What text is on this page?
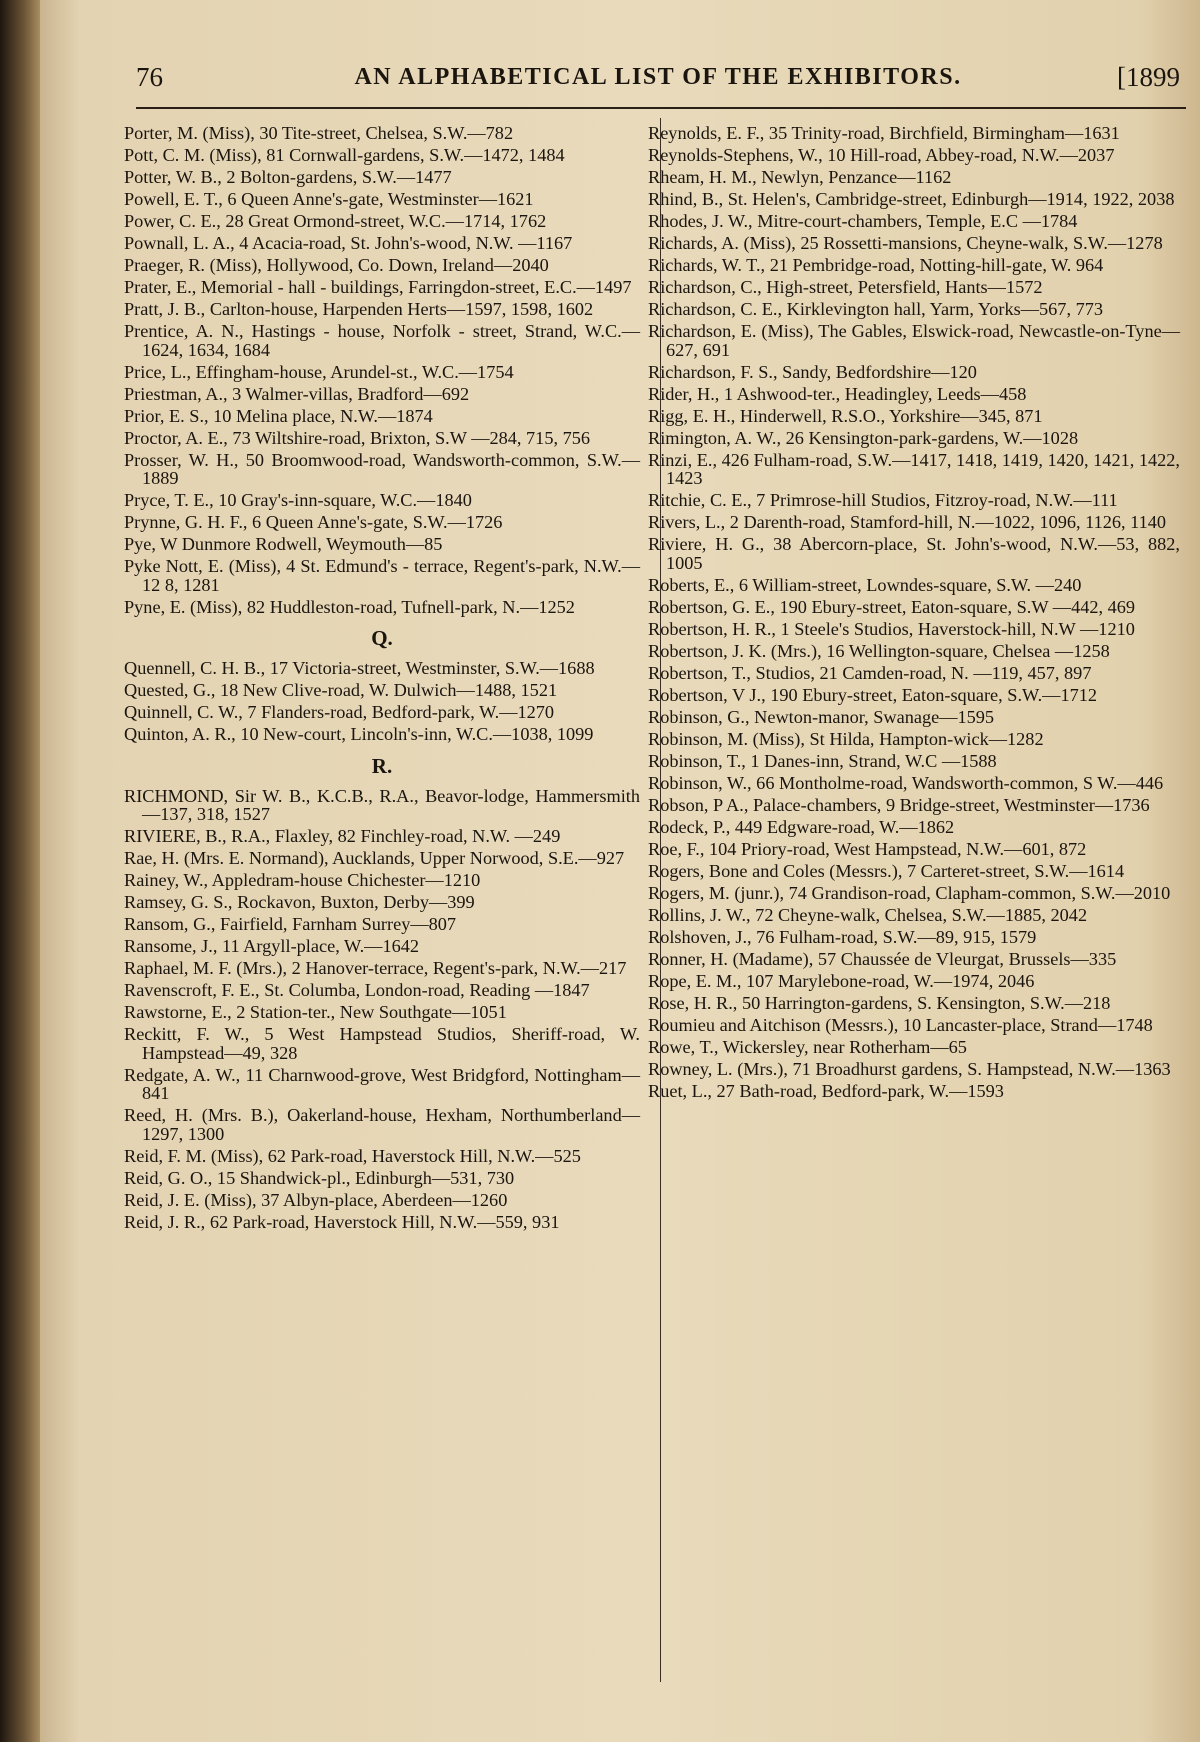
76	AN ALPHABETICAL LIST OF THE EXHIBITORS.	[1899
Porter, M. (Miss), 30 Tite-street, Chelsea, S.W.—782
Pott, C. M. (Miss), 81 Cornwall-gardens, S.W.—1472, 1484
Potter, W. B., 2 Bolton-gardens, S.W.—1477
Powell, E. T., 6 Queen Anne's-gate, Westminster—1621
Power, C. E., 28 Great Ormond-street, W.C.—1714, 1762
Pownall, L. A., 4 Acacia-road, St. John's-wood, N.W. —1167
Praeger, R. (Miss), Hollywood, Co. Down, Ireland—2040
Prater, E., Memorial - hall - buildings, Farringdon-street, E.C.—1497
Pratt, J. B., Carlton-house, Harpenden Herts—1597, 1598, 1602
Prentice, A. N., Hastings - house, Norfolk - street, Strand, W.C.—1624, 1634, 1684
Price, L., Effingham-house, Arundel-st., W.C.—1754
Priestman, A., 3 Walmer-villas, Bradford—692
Prior, E. S., 10 Melina place, N.W.—1874
Proctor, A. E., 73 Wiltshire-road, Brixton, S.W —284, 715, 756
Prosser, W. H., 50 Broomwood-road, Wandsworth-common, S.W.—1889
Pryce, T. E., 10 Gray's-inn-square, W.C.—1840
Prynne, G. H. F., 6 Queen Anne's-gate, S.W.—1726
Pye, W Dunmore Rodwell, Weymouth—85
Pyke Nott, E. (Miss), 4 St. Edmund's - terrace, Regent's-park, N.W.—12 8, 1281
Pyne, E. (Miss), 82 Huddleston-road, Tufnell-park, N.—1252
Q.
Quennell, C. H. B., 17 Victoria-street, Westminster, S.W.—1688
Quested, G., 18 New Clive-road, W. Dulwich—1488, 1521
Quinnell, C. W., 7 Flanders-road, Bedford-park, W.—1270
Quinton, A. R., 10 New-court, Lincoln's-inn, W.C.—1038, 1099
R.
RICHMOND, Sir W. B., K.C.B., R.A., Beavor-lodge, Hammersmith—137, 318, 1527
RIVIERE, B., R.A., Flaxley, 82 Finchley-road, N.W. —249
Rae, H. (Mrs. E. Normand), Aucklands, Upper Norwood, S.E.—927
Rainey, W., Appledram-house Chichester—1210
Ramsey, G. S., Rockavon, Buxton, Derby—399
Ransom, G., Fairfield, Farnham Surrey—807
Ransome, J., 11 Argyll-place, W.—1642
Raphael, M. F. (Mrs.), 2 Hanover-terrace, Regent's-park, N.W.—217
Ravenscroft, F. E., St. Columba, London-road, Reading —1847
Rawstorne, E., 2 Station-ter., New Southgate—1051
Reckitt, F. W., 5 West Hampstead Studios, Sheriff-road, W. Hampstead—49, 328
Redgate, A. W., 11 Charnwood-grove, West Bridgford, Nottingham—841
Reed, H. (Mrs. B.), Oakerland-house, Hexham, Northumberland—1297, 1300
Reid, F. M. (Miss), 62 Park-road, Haverstock Hill, N.W.—525
Reid, G. O., 15 Shandwick-pl., Edinburgh—531, 730
Reid, J. E. (Miss), 37 Albyn-place, Aberdeen—1260
Reid, J. R., 62 Park-road, Haverstock Hill, N.W.—559, 931
Reynolds, E. F., 35 Trinity-road, Birchfield, Birmingham—1631
Reynolds-Stephens, W., 10 Hill-road, Abbey-road, N.W.—2037
Rheam, H. M., Newlyn, Penzance—1162
Rhind, B., St. Helen's, Cambridge-street, Edinburgh—1914, 1922, 2038
Rhodes, J. W., Mitre-court-chambers, Temple, E.C —1784
Richards, A. (Miss), 25 Rossetti-mansions, Cheyne-walk, S.W.—1278
Richards, W. T., 21 Pembridge-road, Notting-hill-gate, W. 964
Richardson, C., High-street, Petersfield, Hants—1572
Richardson, C. E., Kirklevington hall, Yarm, Yorks—567, 773
Richardson, E. (Miss), The Gables, Elswick-road, Newcastle-on-Tyne—627, 691
Richardson, F. S., Sandy, Bedfordshire—120
Rider, H., 1 Ashwood-ter., Headingley, Leeds—458
Rigg, E. H., Hinderwell, R.S.O., Yorkshire—345, 871
Rimington, A. W., 26 Kensington-park-gardens, W.—1028
Rinzi, E., 426 Fulham-road, S.W.—1417, 1418, 1419, 1420, 1421, 1422, 1423
Ritchie, C. E., 7 Primrose-hill Studios, Fitzroy-road, N.W.—111
Rivers, L., 2 Darenth-road, Stamford-hill, N.—1022, 1096, 1126, 1140
Riviere, H. G., 38 Abercorn-place, St. John's-wood, N.W.—53, 882, 1005
Roberts, E., 6 William-street, Lowndes-square, S.W. —240
Robertson, G. E., 190 Ebury-street, Eaton-square, S.W —442, 469
Robertson, H. R., 1 Steele's Studios, Haverstock-hill, N.W —1210
Robertson, J. K. (Mrs.), 16 Wellington-square, Chelsea —1258
Robertson, T., Studios, 21 Camden-road, N. —119, 457, 897
Robertson, V J., 190 Ebury-street, Eaton-square, S.W.—1712
Robinson, G., Newton-manor, Swanage—1595
Robinson, M. (Miss), St Hilda, Hampton-wick—1282
Robinson, T., 1 Danes-inn, Strand, W.C —1588
Robinson, W., 66 Montholme-road, Wandsworth-common, S W.—446
Robson, P A., Palace-chambers, 9 Bridge-street, Westminster—1736
Rodeck, P., 449 Edgware-road, W.—1862
Roe, F., 104 Priory-road, West Hampstead, N.W.—601, 872
Rogers, Bone and Coles (Messrs.), 7 Carteret-street, S.W.—1614
Rogers, M. (junr.), 74 Grandison-road, Clapham-common, S.W.—2010
Rollins, J. W., 72 Cheyne-walk, Chelsea, S.W.—1885, 2042
Rolshoven, J., 76 Fulham-road, S.W.—89, 915, 1579
Ronner, H. (Madame), 57 Chaussée de Vleurgat, Brussels—335
Rope, E. M., 107 Marylebone-road, W.—1974, 2046
Rose, H. R., 50 Harrington-gardens, S. Kensington, S.W.—218
Roumieu and Aitchison (Messrs.), 10 Lancaster-place, Strand—1748
Rowe, T., Wickersley, near Rotherham—65
Rowney, L. (Mrs.), 71 Broadhurst gardens, S. Hampstead, N.W.—1363
Ruet, L., 27 Bath-road, Bedford-park, W.—1593
